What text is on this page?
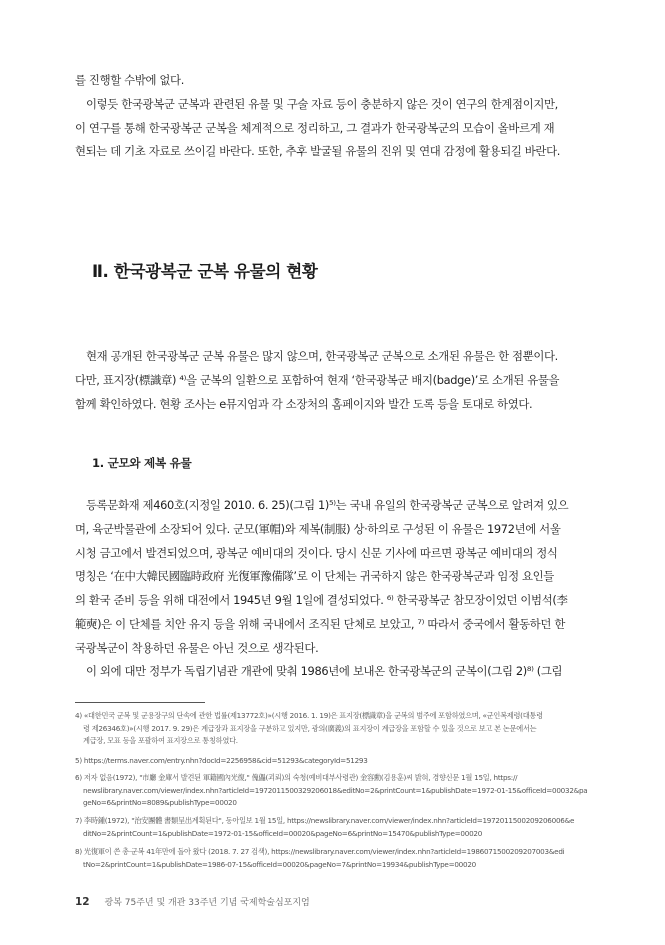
를 진행할 수밖에 없다.
이렇듯 한국광복군 군복과 관련된 유물 및 구술 자료 등이 충분하지 않은 것이 연구의 한계점이지만,
이 연구를 통해 한국광복군 군복을 체계적으로 정리하고, 그 결과가 한국광복군의 모습이 올바르게 재
현되는 데 기초 자료로 쓰이길 바란다. 또한, 추후 발굴될 유물의 진위 및 연대 감정에 활용되길 바란다.
Ⅱ. 한국광복군 군복 유물의 현황
현재 공개된 한국광복군 군복 유물은 많지 않으며, 한국광복군 군복으로 소개된 유물은 한 점뿐이다.
다만, 표지장(標識章) ⁴⁾을 군복의 일환으로 포함하여 현재 ‘한국광복군 배지(badge)’로 소개된 유물을
함께 확인하였다. 현황 조사는 e뮤지엄과 각 소장처의 홈페이지와 발간 도록 등을 토대로 하였다.
1. 군모와 제복 유물
등록문화재 제460호(지정일 2010. 6. 25)(그림 1)⁵⁾는 국내 유일의 한국광복군 군복으로 알려져 있으
며, 육군박물관에 소장되어 있다. 군모(軍帽)와 제복(制服) 상·하의로 구성된 이 유물은 1972년에 서울
시청 금고에서 발견되었으며, 광복군 예비대의 것이다. 당시 신문 기사에 따르면 광복군 예비대의 정식
명칭은 ‘在中大韓民國臨時政府 光復軍豫備隊’로 이 단체는 귀국하지 않은 한국광복군과 임정 요인들
의 환국 준비 등을 위해 대전에서 1945년 9월 1일에 결성되었다. ⁶⁾ 한국광복군 참모장이었던 이범석(李
範奭)은 이 단체를 치안 유지 등을 위해 국내에서 조직된 단체로 보았고, ⁷⁾ 따라서 중국에서 활동하던 한
국광복군이 착용하던 유물은 아닌 것으로 생각된다.
이 외에 대만 정부가 독립기념관 개관에 맞춰 1986년에 보내온 한국광복군의 군복이(그림 2)⁸⁾ (그림
4) «대한민국 군복 및 군용장구의 단속에 관한 법률(제13772호)»(시행 2016. 1. 19)은 표지장(標識章)을 군복의 범주에 포함하였으며, «군인복제령(대통령
령 제26346호)»(시행 2017. 9. 29)은 계급장과 표지장을 구분하고 있지만, 광의(廣義)의 표지장이 계급장을 포함할 수 있을 것으로 보고 본 논문에서는
계급장, 모표 등을 포괄하여 표지장으로 통칭하였다.
5) https://terms.naver.com/entry.nhn?docId=2256958&cid=51293&categoryId=51293
6) 저자 없음(1972), "市廳 金庫서 발견된 軍籍國內光復," 傀儡(괴뢰)의 숙청(예비대부사령관) 金容勳(김용훈)씨 밝혀, 경향신문 1월 15일, https://
newslibrary.naver.com/viewer/index.nhn?articleId=1972011500329206018&editNo=2&printCount=1&publishDate=1972-01-15&officeId=00032&pa
geNo=6&printNo=8089&publishType=00020
7) 李時鍾(1972), "治安團體 書類呈出계획된다", 동아일보 1월 15일, https://newslibrary.naver.com/viewer/index.nhn?articleId=1972011500209206006&e
ditNo=2&printCount=1&publishDate=1972-01-15&officeId=00020&pageNo=6&printNo=15470&publishType=00020
8) 光復軍이 쓴 총·군복 41年만에 돌아 왔다 (2018. 7. 27 검색), https://newslibrary.naver.com/viewer/index.nhn?articleId=1986071500209207003&edi
tNo=2&printCount=1&publishDate=1986-07-15&officeId=00020&pageNo=7&printNo=19934&publishType=00020
12 광복 75주년 및 개관 33주년 기념 국제학술심포지엄
